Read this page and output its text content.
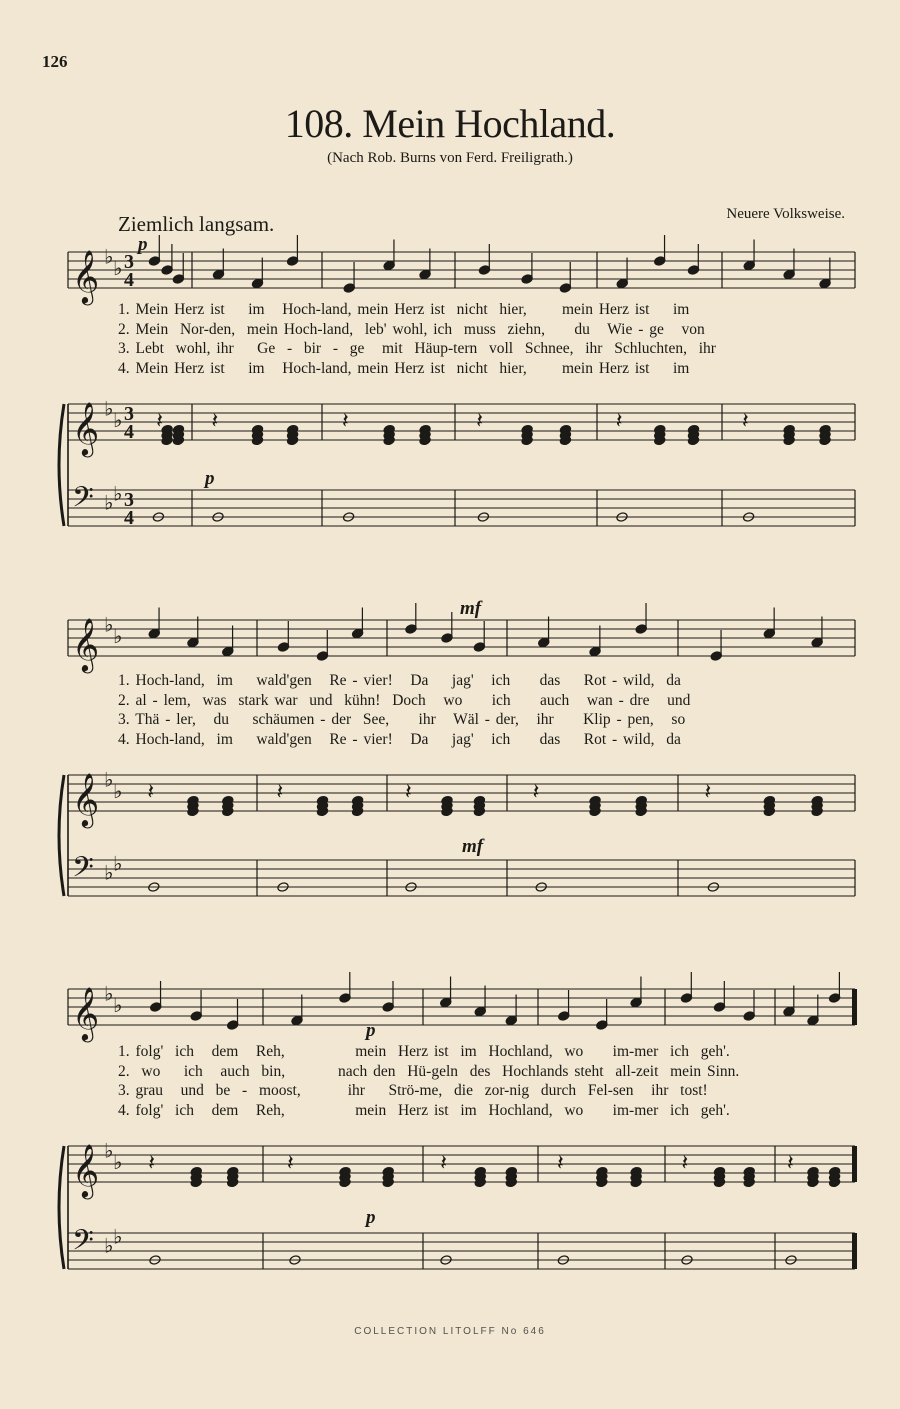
126
108. Mein Hochland.
(Nach Rob. Burns von Ferd. Freiligrath.)
Ziemlich langsam.	Neuere Volksweise.
𝄞
𝄞
𝄢
♭ ♭
♭ ♭
♭ ♭
3
4
3
4
3
4
𝄽 𝄽	𝄽	𝄽	𝄽	𝄽
𝄞
𝄞
𝄢
♭ ♭
♭ ♭
♭ ♭
𝄽	𝄽	𝄽	𝄽	𝄽
𝄞
𝄞
𝄢
♭ ♭
♭ ♭
♭ ♭
𝄽	𝄽	𝄽	𝄽	𝄽	𝄽
p
p
mf
mf
p
p
1. Mein Herz ist    im   Hoch-land, mein Herz ist  nicht  hier,      mein Herz ist    im
2. Mein  Nor-den,  mein Hoch-land,  leb' wohl, ich  muss  ziehn,     du   Wie - ge   von
3. Lebt  wohl, ihr    Ge  -  bir  -  ge   mit  Häup-tern  voll  Schnee,  ihr  Schluchten,  ihr
4. Mein Herz ist    im   Hoch-land, mein Herz ist  nicht  hier,      mein Herz ist    im
1. Hoch-land,  im    wald'gen   Re - vier!   Da    jag'   ich     das    Rot - wild,  da
2. al - lem,  was  stark war  und  kühn!  Doch   wo     ich     auch   wan - dre   und
3. Thä - ler,   du    schäumen - der  See,     ihr   Wäl - der,   ihr     Klip - pen,   so
4. Hoch-land,  im    wald'gen   Re - vier!   Da    jag'   ich     das    Rot - wild,  da
1. folg'  ich   dem   Reh,            mein  Herz ist  im  Hochland,  wo     im-mer  ich  geh'.
2.  wo    ich   auch  bin,         nach den  Hü-geln  des  Hochlands steht  all-zeit  mein Sinn.
3. grau   und  be  -  moost,        ihr    Strö-me,  die  zor-nig  durch  Fel-sen   ihr  tost!
4. folg'  ich   dem   Reh,            mein  Herz ist  im  Hochland,  wo     im-mer  ich  geh'.
COLLECTION LITOLFF No 646
